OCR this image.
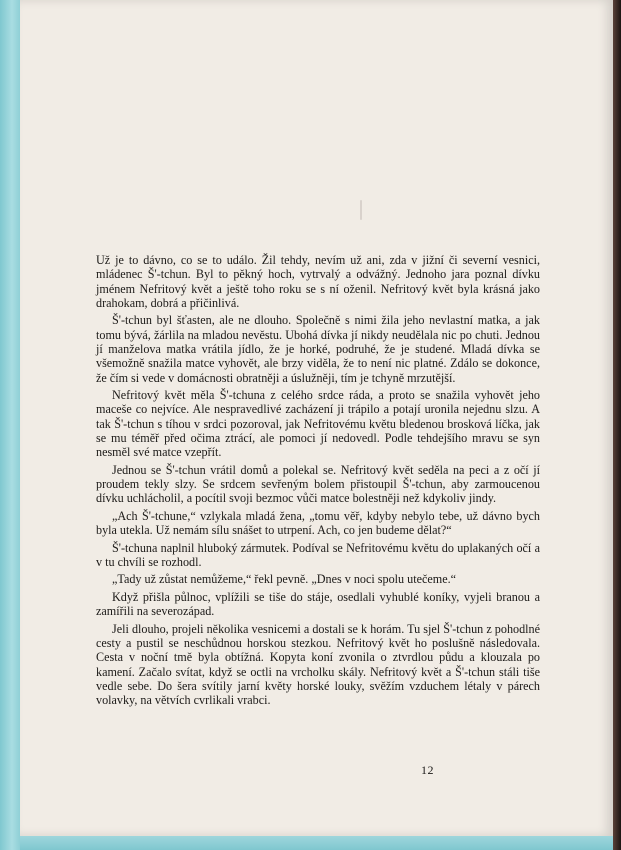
Už je to dávno, co se to událo. Žil tehdy, nevím už ani, zda v jižní či severní vesnici, mládenec Š'-tchun. Byl to pěkný hoch, vytrvalý a odvážný. Jednoho jara poznal dívku jménem Nefritový květ a ještě toho roku se s ní oženil. Nefritový květ byla krásná jako drahokam, dobrá a přičinlivá.

Š'-tchun byl šťasten, ale ne dlouho. Společně s nimi žila jeho nevlastní matka, a jak tomu bývá, žárlila na mladou nevěstu. Ubohá dívka jí nikdy neudělala nic po chuti. Jednou jí manželova matka vrátila jídlo, že je horké, podruhé, že je studené. Mladá dívka se všemožně snažila matce vyhovět, ale brzy viděla, že to není nic platné. Zdálo se dokonce, že čím si vede v domácnosti obratněji a úslužněji, tím je tchyně mrzutější.

Nefritový květ měla Š'-tchuna z celého srdce ráda, a proto se snažila vyhovět jeho maceše co nejvíce. Ale nespravedlivé zacházení ji trápilo a potají uronila nejednu slzu. A tak Š'-tchun s tíhou v srdci pozoroval, jak Nefritovému květu bledenou brosková líčka, jak se mu téměř před očima ztrácí, ale pomoci jí nedovedl. Podle tehdejšího mravu se syn nesměl své matce vzepřít.

Jednou se Š'-tchun vrátil domů a polekal se. Nefritový květ seděla na peci a z očí jí proudem tekly slzy. Se srdcem sevřeným bolem přistoupil Š'-tchun, aby zarmoucenou dívku uchlácholil, a pocítil svoji bezmoc vůči matce bolestněji než kdykoliv jindy.

„Ach Š'-tchune,“ vzlykala mladá žena, „tomu věř, kdyby nebylo tebe, už dávno bych byla utekla. Už nemám sílu snášet to utrpení. Ach, co jen budeme dělat?“

Š'-tchuna naplnil hluboký zármutek. Podíval se Nefritovému květu do uplakaných očí a v tu chvíli se rozhodl.

„Tady už zůstat nemůžeme,“ řekl pevně. „Dnes v noci spolu utečeme.“

Když přišla půlnoc, vplížili se tiše do stáje, osedlali vyhublé koníky, vyjeli branou a zamířili na severozápad.

Jeli dlouho, projeli několika vesnicemi a dostali se k horám. Tu sjel Š'-tchun z pohodlné cesty a pustil se neschůdnou horskou stezkou. Nefritový květ ho poslušně následovala. Cesta v noční tmě byla obtížná. Kopyta koní zvonila o ztvrdlou půdu a klouzala po kamení. Začalo svítat, když se octli na vrcholku skály. Nefritový květ a Š'-tchun stáli tiše vedle sebe. Do šera svítily jarní květy horské louky, svěžím vzduchem létaly v párech volavky, na větvích cvrlikali vrabci.

12
